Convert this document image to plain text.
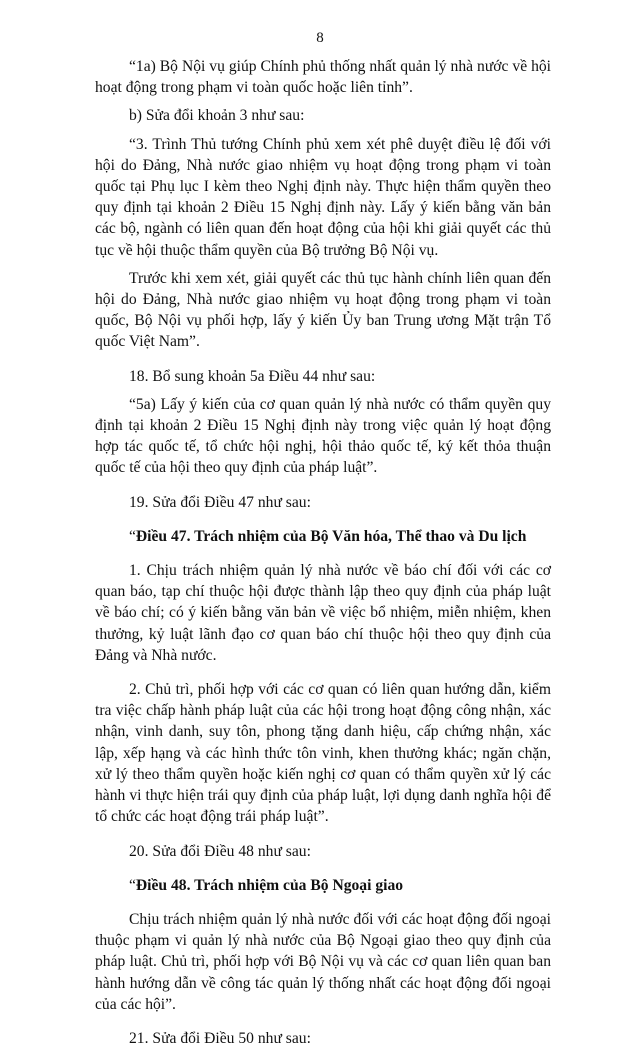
8

“1a) Bộ Nội vụ giúp Chính phủ thống nhất quản lý nhà nước về hội hoạt động trong phạm vi toàn quốc hoặc liên tỉnh”.

b) Sửa đổi khoản 3 như sau:

“3. Trình Thủ tướng Chính phủ xem xét phê duyệt điều lệ đối với hội do Đảng, Nhà nước giao nhiệm vụ hoạt động trong phạm vi toàn quốc tại Phụ lục I kèm theo Nghị định này. Thực hiện thẩm quyền theo quy định tại khoản 2 Điều 15 Nghị định này. Lấy ý kiến bằng văn bản các bộ, ngành có liên quan đến hoạt động của hội khi giải quyết các thủ tục về hội thuộc thẩm quyền của Bộ trưởng Bộ Nội vụ.

Trước khi xem xét, giải quyết các thủ tục hành chính liên quan đến hội do Đảng, Nhà nước giao nhiệm vụ hoạt động trong phạm vi toàn quốc, Bộ Nội vụ phối hợp, lấy ý kiến Ủy ban Trung ương Mặt trận Tổ quốc Việt Nam”.

18. Bổ sung khoản 5a Điều 44 như sau:

“5a) Lấy ý kiến của cơ quan quản lý nhà nước có thẩm quyền quy định tại khoản 2 Điều 15 Nghị định này trong việc quản lý hoạt động hợp tác quốc tế, tổ chức hội nghị, hội thảo quốc tế, ký kết thỏa thuận quốc tế của hội theo quy định của pháp luật”.

19. Sửa đổi Điều 47 như sau:

“Điều 47. Trách nhiệm của Bộ Văn hóa, Thể thao và Du lịch

1. Chịu trách nhiệm quản lý nhà nước về báo chí đối với các cơ quan báo, tạp chí thuộc hội được thành lập theo quy định của pháp luật về báo chí; có ý kiến bằng văn bản về việc bổ nhiệm, miễn nhiệm, khen thưởng, kỷ luật lãnh đạo cơ quan báo chí thuộc hội theo quy định của Đảng và Nhà nước.

2. Chủ trì, phối hợp với các cơ quan có liên quan hướng dẫn, kiểm tra việc chấp hành pháp luật của các hội trong hoạt động công nhận, xác nhận, vinh danh, suy tôn, phong tặng danh hiệu, cấp chứng nhận, xác lập, xếp hạng và các hình thức tôn vinh, khen thưởng khác; ngăn chặn, xử lý theo thẩm quyền hoặc kiến nghị cơ quan có thẩm quyền xử lý các hành vi thực hiện trái quy định của pháp luật, lợi dụng danh nghĩa hội để tổ chức các hoạt động trái pháp luật”.

20. Sửa đổi Điều 48 như sau:

“Điều 48. Trách nhiệm của Bộ Ngoại giao

Chịu trách nhiệm quản lý nhà nước đối với các hoạt động đối ngoại thuộc phạm vi quản lý nhà nước của Bộ Ngoại giao theo quy định của pháp luật. Chủ trì, phối hợp với Bộ Nội vụ và các cơ quan liên quan ban hành hướng dẫn về công tác quản lý thống nhất các hoạt động đối ngoại của các hội”.

21. Sửa đổi Điều 50 như sau:
